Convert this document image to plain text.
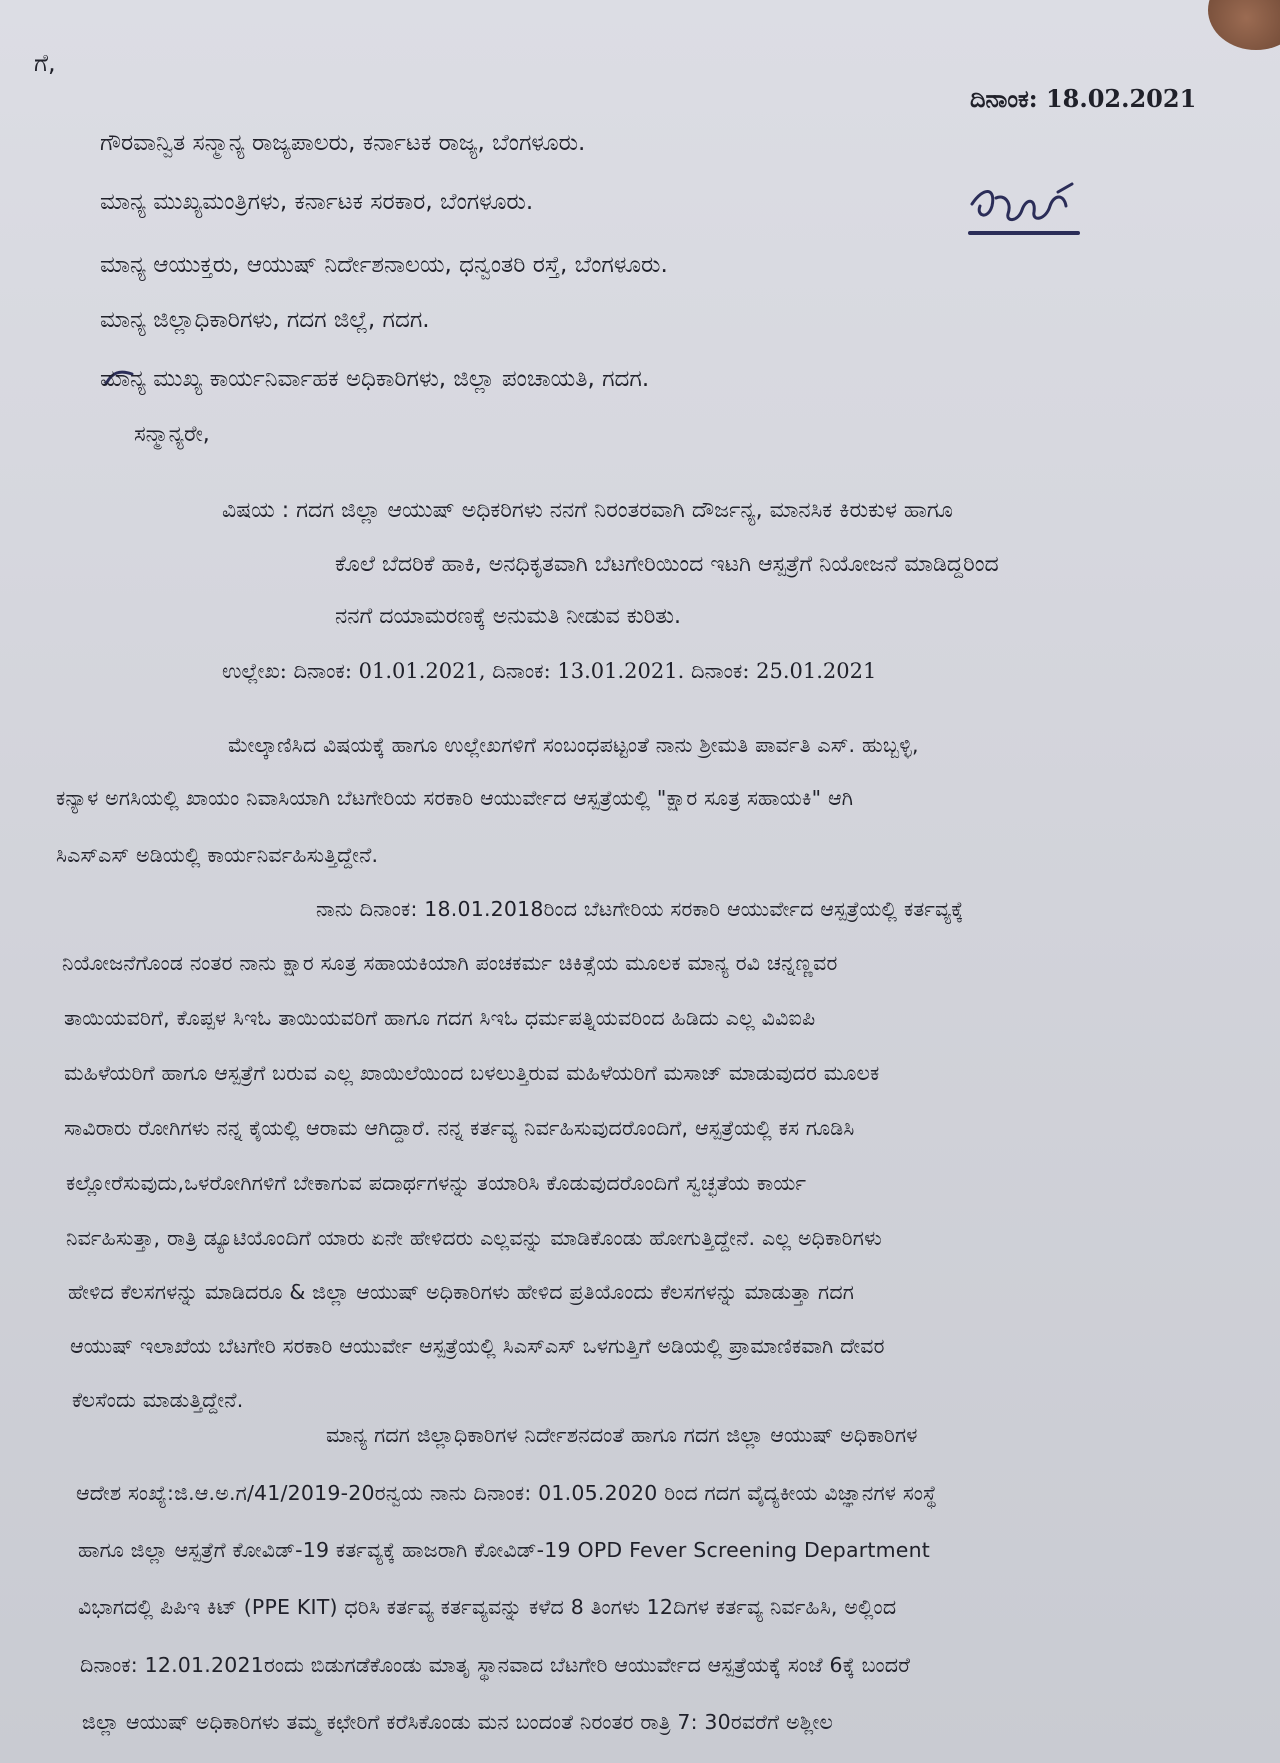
ಗೆ,
ದಿನಾಂಕ: 18.02.2021
ಗೌರವಾನ್ವಿತ ಸನ್ಮಾನ್ಯ ರಾಜ್ಯಪಾಲರು, ಕರ್ನಾಟಕ ರಾಜ್ಯ, ಬೆಂಗಳೂರು.
ಮಾನ್ಯ ಮುಖ್ಯಮಂತ್ರಿಗಳು, ಕರ್ನಾಟಕ ಸರಕಾರ, ಬೆಂಗಳೂರು.
ಮಾನ್ಯ ಆಯುಕ್ತರು, ಆಯುಷ್ ನಿರ್ದೇಶನಾಲಯ, ಧನ್ವಂತರಿ ರಸ್ತೆ, ಬೆಂಗಳೂರು.
ಮಾನ್ಯ ಜಿಲ್ಲಾಧಿಕಾರಿಗಳು, ಗದಗ ಜಿಲ್ಲೆ, ಗದಗ.
ಮಾನ್ಯ ಮುಖ್ಯ ಕಾರ್ಯನಿರ್ವಾಹಕ ಅಧಿಕಾರಿಗಳು, ಜಿಲ್ಲಾ ಪಂಚಾಯತಿ, ಗದಗ.
ಸನ್ಮಾನ್ಯರೇ,
ವಿಷಯ : ಗದಗ ಜಿಲ್ಲಾ ಆಯುಷ್ ಅಧಿಕರಿಗಳು ನನಗೆ ನಿರಂತರವಾಗಿ ದೌರ್ಜನ್ಯ, ಮಾನಸಿಕ ಕಿರುಕುಳ ಹಾಗೂ
ಕೊಲೆ ಬೆದರಿಕೆ ಹಾಕಿ, ಅನಧಿಕೃತವಾಗಿ ಬೆಟಗೇರಿಯಿಂದ ಇಟಗಿ ಆಸ್ಪತ್ರೆಗೆ ನಿಯೋಜನೆ ಮಾಡಿದ್ದರಿಂದ
ನನಗೆ ದಯಾಮರಣಕ್ಕೆ ಅನುಮತಿ ನೀಡುವ ಕುರಿತು.
ಉಲ್ಲೇಖ: ದಿನಾಂಕ: 01.01.2021, ದಿನಾಂಕ: 13.01.2021. ದಿನಾಂಕ: 25.01.2021
ಮೇಲ್ಕಾಣಿಸಿದ ವಿಷಯಕ್ಕೆ ಹಾಗೂ ಉಲ್ಲೇಖಗಳಿಗೆ ಸಂಬಂಧಪಟ್ಟಂತೆ ನಾನು ಶ್ರೀಮತಿ ಪಾರ್ವತಿ ಎಸ್. ಹುಬ್ಬಳ್ಳಿ,
ಕನ್ಯಾಳ ಅಗಸಿಯಲ್ಲಿ ಖಾಯಂ ನಿವಾಸಿಯಾಗಿ ಬೆಟಗೇರಿಯ ಸರಕಾರಿ ಆಯುರ್ವೇದ ಆಸ್ಪತ್ರೆಯಲ್ಲಿ "ಕ್ಷಾರ ಸೂತ್ರ ಸಹಾಯಕಿ" ಆಗಿ
ಸಿಎಸ್‌ಎಸ್ ಅಡಿಯಲ್ಲಿ ಕಾರ್ಯನಿರ್ವಹಿಸುತ್ತಿದ್ದೇನೆ.
ನಾನು ದಿನಾಂಕ: 18.01.2018ರಿಂದ ಬೆಟಗೇರಿಯ ಸರಕಾರಿ ಆಯುರ್ವೇದ ಆಸ್ಪತ್ರೆಯಲ್ಲಿ ಕರ್ತವ್ಯಕ್ಕೆ
ನಿಯೋಜನೆಗೊಂಡ ನಂತರ ನಾನು ಕ್ಷಾರ ಸೂತ್ರ ಸಹಾಯಕಿಯಾಗಿ ಪಂಚಕರ್ಮ ಚಿಕಿತ್ಸೆಯ ಮೂಲಕ ಮಾನ್ಯ ರವಿ ಚನ್ನಣ್ಣವರ
ತಾಯಿಯವರಿಗೆ, ಕೊಪ್ಪಳ ಸಿಇಓ ತಾಯಿಯವರಿಗೆ ಹಾಗೂ ಗದಗ ಸಿಇಓ ಧರ್ಮಪತ್ನಿಯವರಿಂದ ಹಿಡಿದು ಎಲ್ಲ ವಿವಿಐಪಿ
ಮಹಿಳೆಯರಿಗೆ ಹಾಗೂ ಆಸ್ಪತ್ರೆಗೆ ಬರುವ ಎಲ್ಲ ಖಾಯಿಲೆಯಿಂದ ಬಳಲುತ್ತಿರುವ ಮಹಿಳೆಯರಿಗೆ ಮಸಾಜ್ ಮಾಡುವುದರ ಮೂಲಕ
ಸಾವಿರಾರು ರೋಗಿಗಳು ನನ್ನ ಕೈಯಲ್ಲಿ ಆರಾಮ ಆಗಿದ್ದಾರೆ. ನನ್ನ ಕರ್ತವ್ಯ ನಿರ್ವಹಿಸುವುದರೊಂದಿಗೆ, ಆಸ್ಪತ್ರೆಯಲ್ಲಿ ಕಸ ಗೂಡಿಸಿ
ಕಲ್ಲೋರೆಸುವುದು,ಒಳರೋಗಿಗಳಿಗೆ ಬೇಕಾಗುವ ಪದಾರ್ಥಗಳನ್ನು ತಯಾರಿಸಿ ಕೊಡುವುದರೊಂದಿಗೆ ಸ್ವಚ್ಛತೆಯ ಕಾರ್ಯ
ನಿರ್ವಹಿಸುತ್ತಾ, ರಾತ್ರಿ ಡ್ಯೂಟಿಯೊಂದಿಗೆ ಯಾರು ಏನೇ ಹೇಳಿದರು ಎಲ್ಲವನ್ನು ಮಾಡಿಕೊಂಡು ಹೋಗುತ್ತಿದ್ದೇನೆ. ಎಲ್ಲ ಅಧಿಕಾರಿಗಳು
ಹೇಳಿದ ಕೆಲಸಗಳನ್ನು ಮಾಡಿದರೂ & ಜಿಲ್ಲಾ ಆಯುಷ್ ಅಧಿಕಾರಿಗಳು ಹೇಳಿದ ಪ್ರತಿಯೊಂದು ಕೆಲಸಗಳನ್ನು ಮಾಡುತ್ತಾ ಗದಗ
ಆಯುಷ್ ಇಲಾಖೆಯ ಬೆಟಗೇರಿ ಸರಕಾರಿ ಆಯುರ್ವೇ ಆಸ್ಪತ್ರೆಯಲ್ಲಿ ಸಿಎಸ್‌ಎಸ್ ಒಳಗುತ್ತಿಗೆ ಅಡಿಯಲ್ಲಿ ಪ್ರಾಮಾಣಿಕವಾಗಿ ದೇವರ
ಕೆಲಸೆಂದು ಮಾಡುತ್ತಿದ್ದೇನೆ.
ಮಾನ್ಯ ಗದಗ ಜಿಲ್ಲಾಧಿಕಾರಿಗಳ ನಿರ್ದೇಶನದಂತೆ ಹಾಗೂ ಗದಗ ಜಿಲ್ಲಾ ಆಯುಷ್ ಅಧಿಕಾರಿಗಳ
ಆದೇಶ ಸಂಖ್ಯೆ:ಜಿ.ಆ.ಅ.ಗ/41/2019-20ರನ್ವಯ ನಾನು ದಿನಾಂಕ: 01.05.2020 ರಿಂದ ಗದಗ ವೈದ್ಯಕೀಯ ವಿಜ್ಞಾನಗಳ ಸಂಸ್ಥೆ
ಹಾಗೂ ಜಿಲ್ಲಾ ಆಸ್ಪತ್ರೆಗೆ ಕೋವಿಡ್-19 ಕರ್ತವ್ಯಕ್ಕೆ ಹಾಜರಾಗಿ ಕೋವಿಡ್-19 OPD Fever Screening Department
ವಿಭಾಗದಲ್ಲಿ ಪಿಪಿಇ ಕಿಟ್ (PPE KIT) ಧರಿಸಿ ಕರ್ತವ್ಯ ಕರ್ತವ್ಯವನ್ನು ಕಳೆದ 8 ತಿಂಗಳು 12ದಿಗಳ ಕರ್ತವ್ಯ ನಿರ್ವಹಿಸಿ, ಅಲ್ಲಿಂದ
ದಿನಾಂಕ: 12.01.2021ರಂದು ಬಿಡುಗಡೆಕೊಂಡು ಮಾತೃ ಸ್ಥಾನವಾದ ಬೆಟಗೇರಿ ಆಯುರ್ವೇದ ಆಸ್ಪತ್ರೆಯಕ್ಕೆ ಸಂಜೆ 6ಕ್ಕೆ ಬಂದರೆ
ಜಿಲ್ಲಾ ಆಯುಷ್ ಅಧಿಕಾರಿಗಳು ತಮ್ಮ ಕಛೇರಿಗೆ ಕರೆಸಿಕೊಂಡು ಮನ ಬಂದಂತೆ ನಿರಂತರ ರಾತ್ರಿ 7: 30ರವರೆಗೆ ಅಶ್ಲೀಲ
